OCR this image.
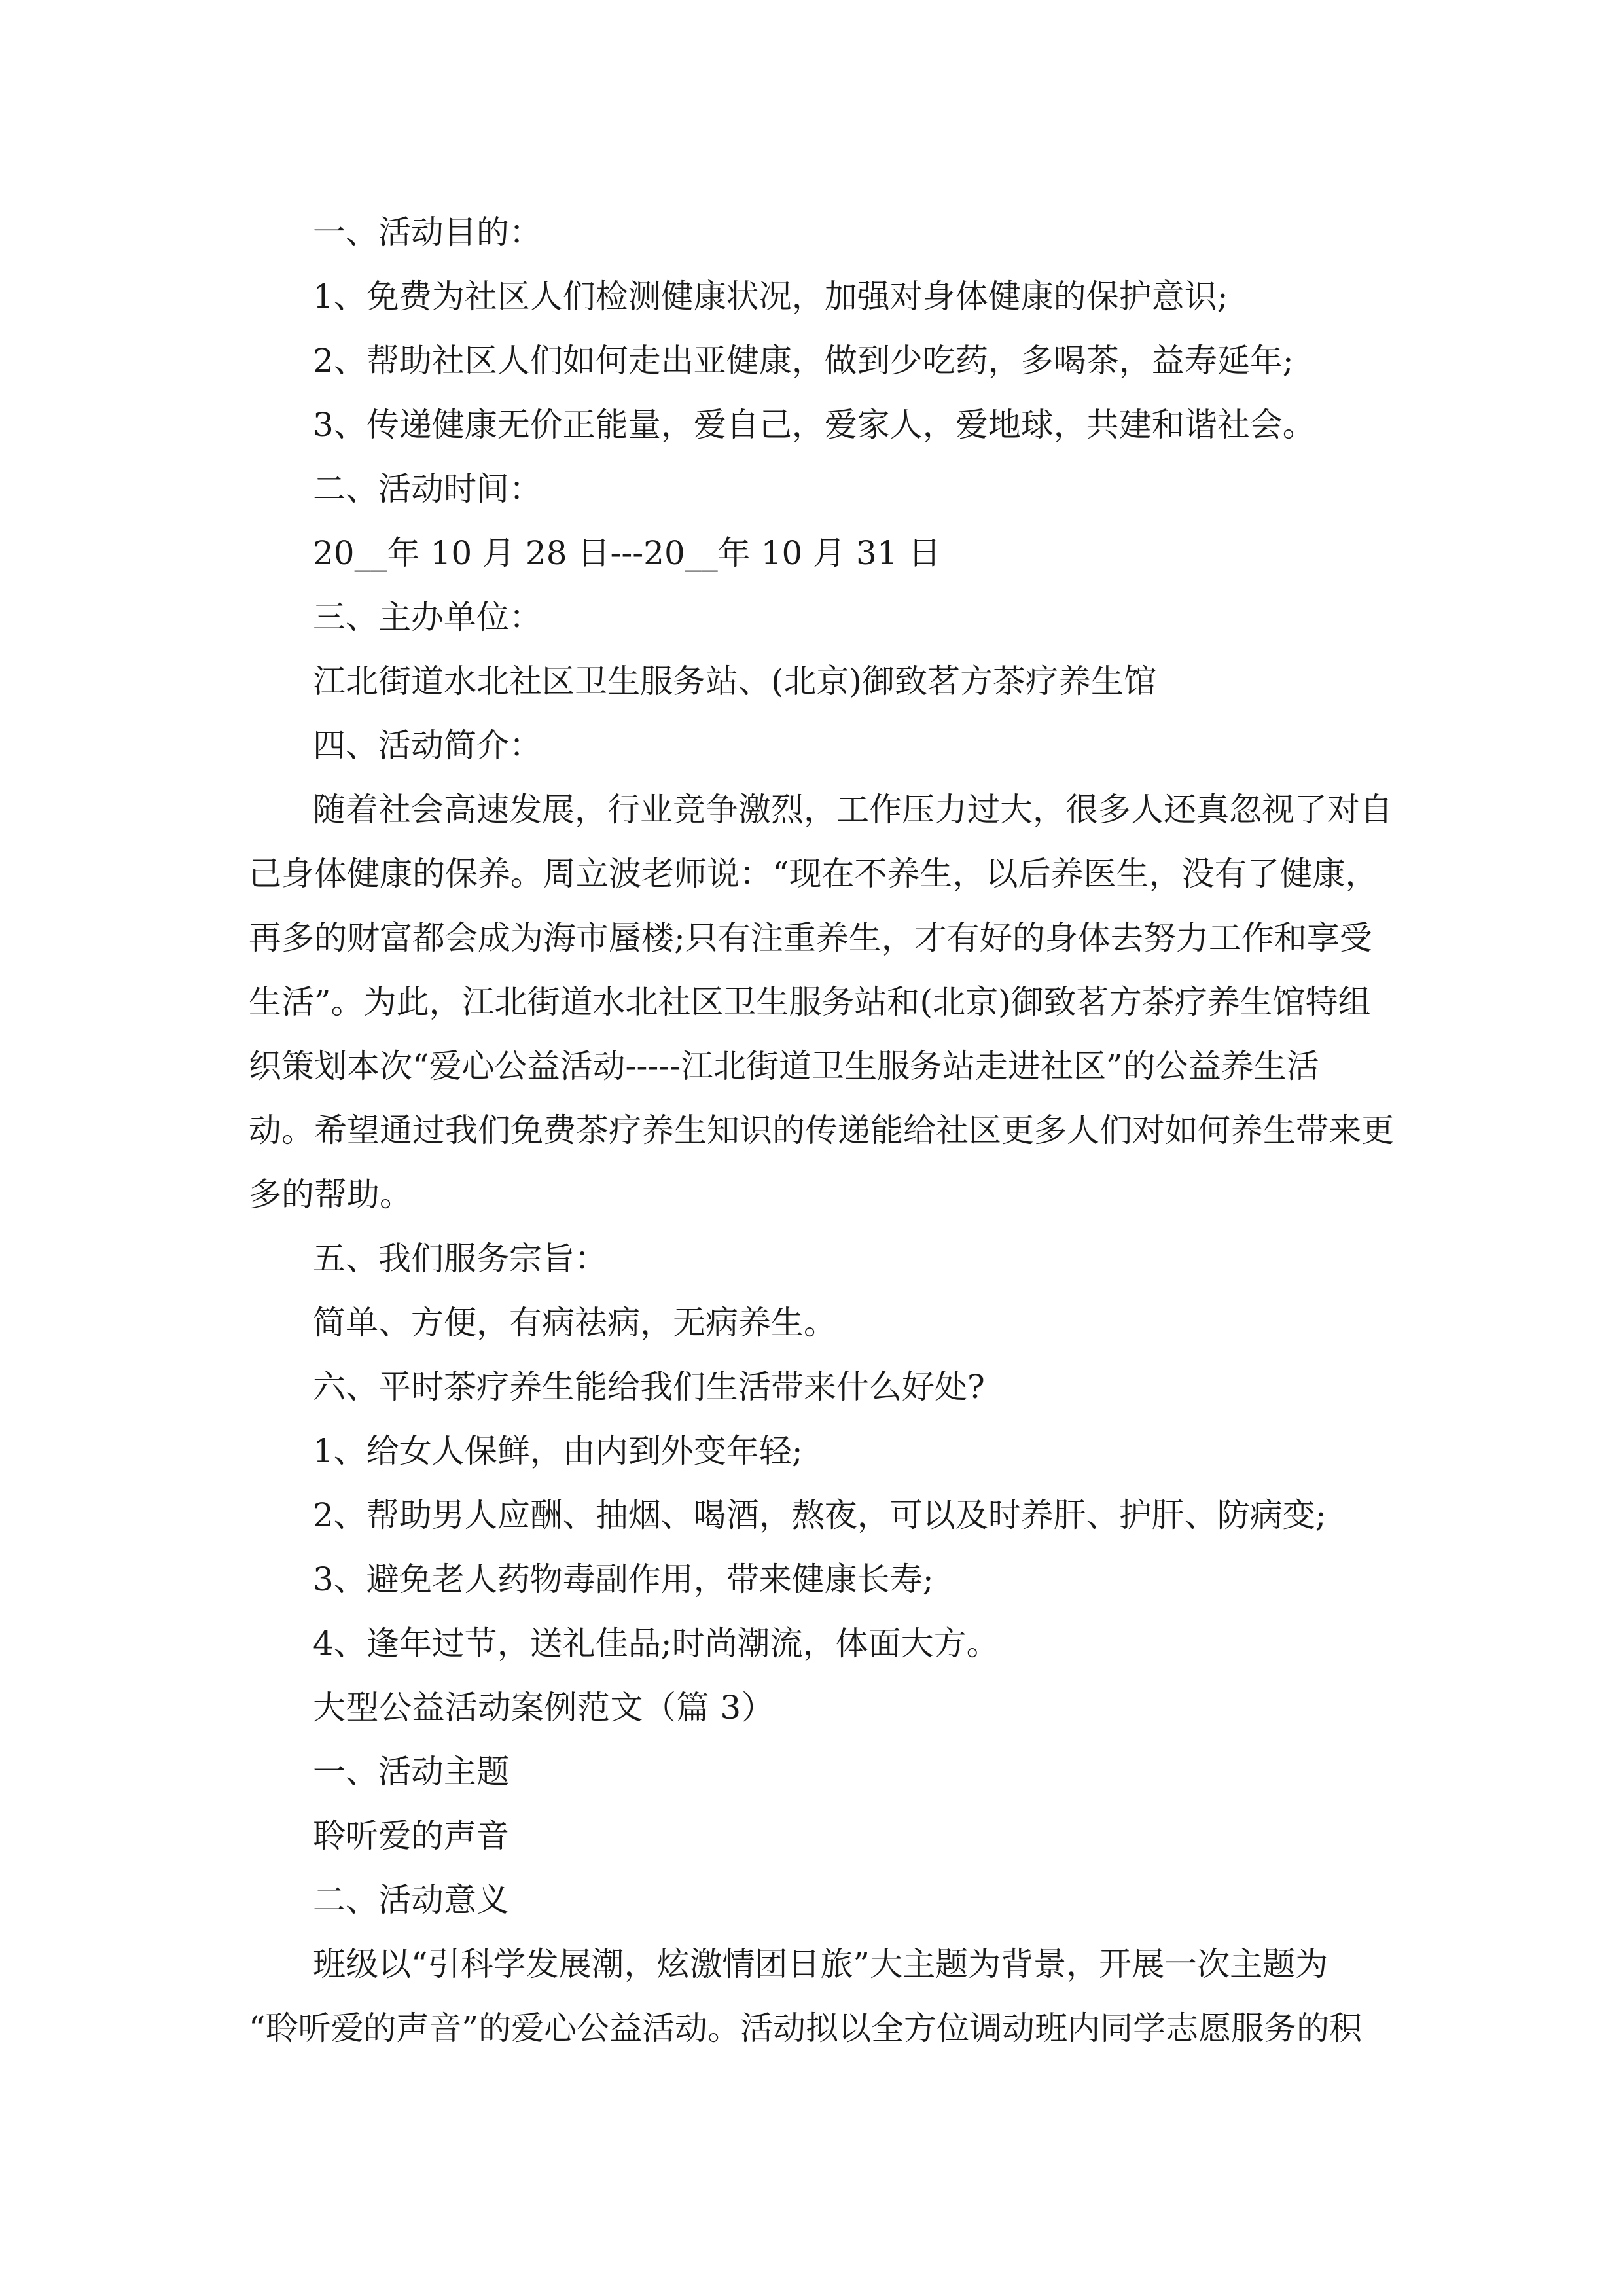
一、活动目的：
1、免费为社区人们检测健康状况，加强对身体健康的保护意识;
2、帮助社区人们如何走出亚健康，做到少吃药，多喝茶，益寿延年;
3、传递健康无价正能量，爱自己，爱家人，爱地球，共建和谐社会。
二、活动时间：
20__年 10 月 28 日---20__年 10 月 31 日
三、主办单位：
江北街道水北社区卫生服务站、(北京)御致茗方茶疗养生馆
四、活动简介：
随着社会高速发展，行业竞争激烈，工作压力过大，很多人还真忽视了对自
己身体健康的保养。周立波老师说：“现在不养生，以后养医生，没有了健康，
再多的财富都会成为海市蜃楼;只有注重养生，才有好的身体去努力工作和享受
生活”。为此，江北街道水北社区卫生服务站和(北京)御致茗方茶疗养生馆特组
织策划本次“爱心公益活动-----江北街道卫生服务站走进社区”的公益养生活
动。希望通过我们免费茶疗养生知识的传递能给社区更多人们对如何养生带来更
多的帮助。
五、我们服务宗旨：
简单、方便，有病祛病，无病养生。
六、平时茶疗养生能给我们生活带来什么好处?
1、给女人保鲜，由内到外变年轻;
2、帮助男人应酬、抽烟、喝酒，熬夜，可以及时养肝、护肝、防病变;
3、避免老人药物毒副作用，带来健康长寿;
4、逢年过节，送礼佳品;时尚潮流，体面大方。
大型公益活动案例范文（篇 3）
一、活动主题
聆听爱的声音
二、活动意义
班级以“引科学发展潮，炫激情团日旅”大主题为背景，开展一次主题为
“聆听爱的声音”的爱心公益活动。活动拟以全方位调动班内同学志愿服务的积
